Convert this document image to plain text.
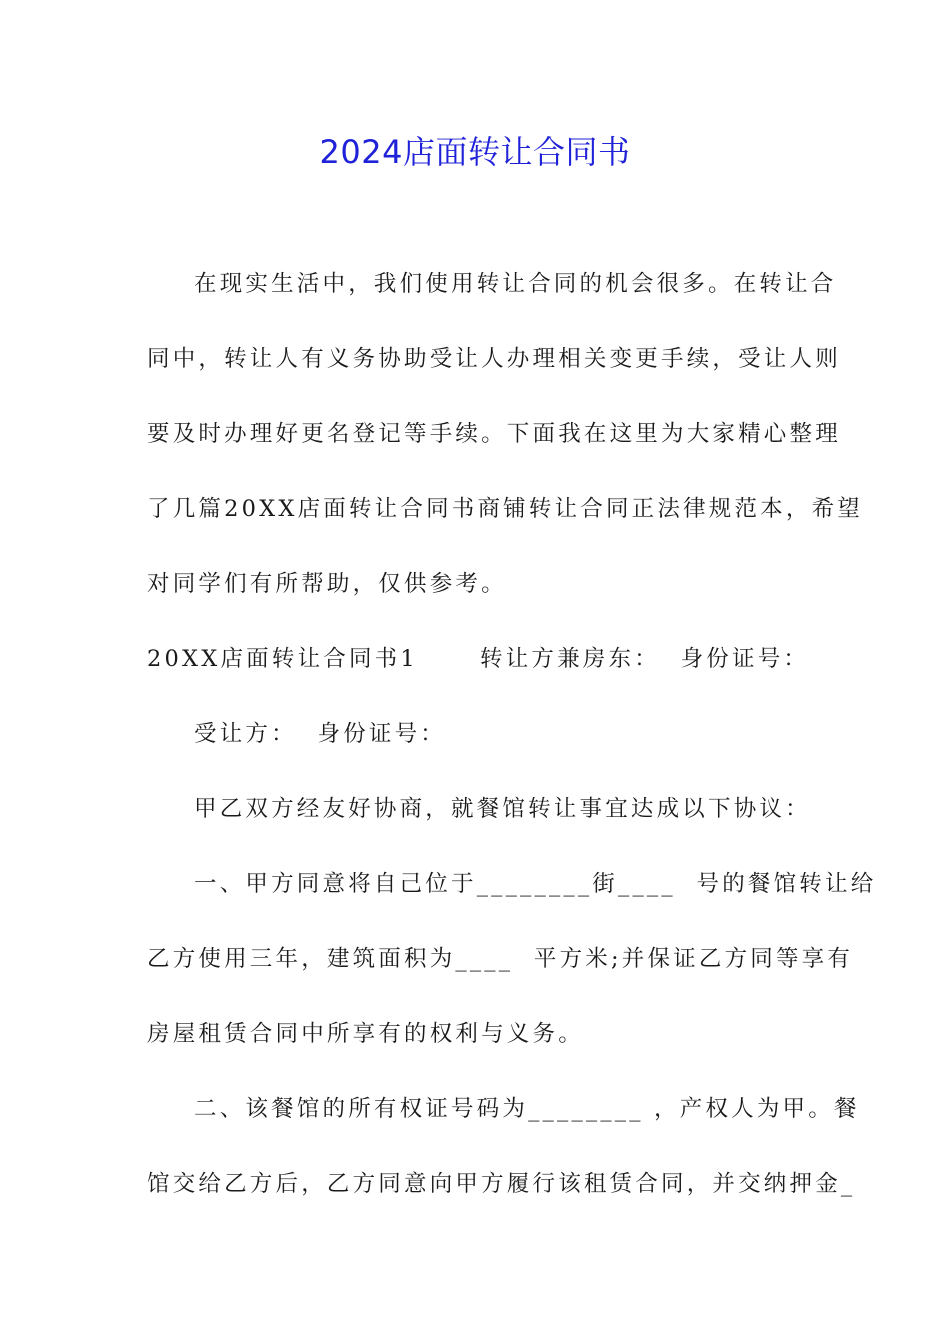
2024店面转让合同书
在现实生活中，我们使用转让合同的机会很多。在转让合
同中，转让人有义务协助受让人办理相关变更手续，受让人则
要及时办理好更名登记等手续。下面我在这里为大家精心整理
了几篇20XX店面转让合同书商铺转让合同正法律规范本，希望
对同学们有所帮助，仅供参考。
20XX店面转让合同书1      转让方兼房东：  身份证号：
受让方：  身份证号：
甲乙双方经友好协商，就餐馆转让事宜达成以下协议：
一、甲方同意将自己位于________街____  号的餐馆转让给
乙方使用三年，建筑面积为____  平方米;并保证乙方同等享有
房屋租赁合同中所享有的权利与义务。
二、该餐馆的所有权证号码为________ ，产权人为甲。餐
馆交给乙方后，乙方同意向甲方履行该租赁合同，并交纳押金_
